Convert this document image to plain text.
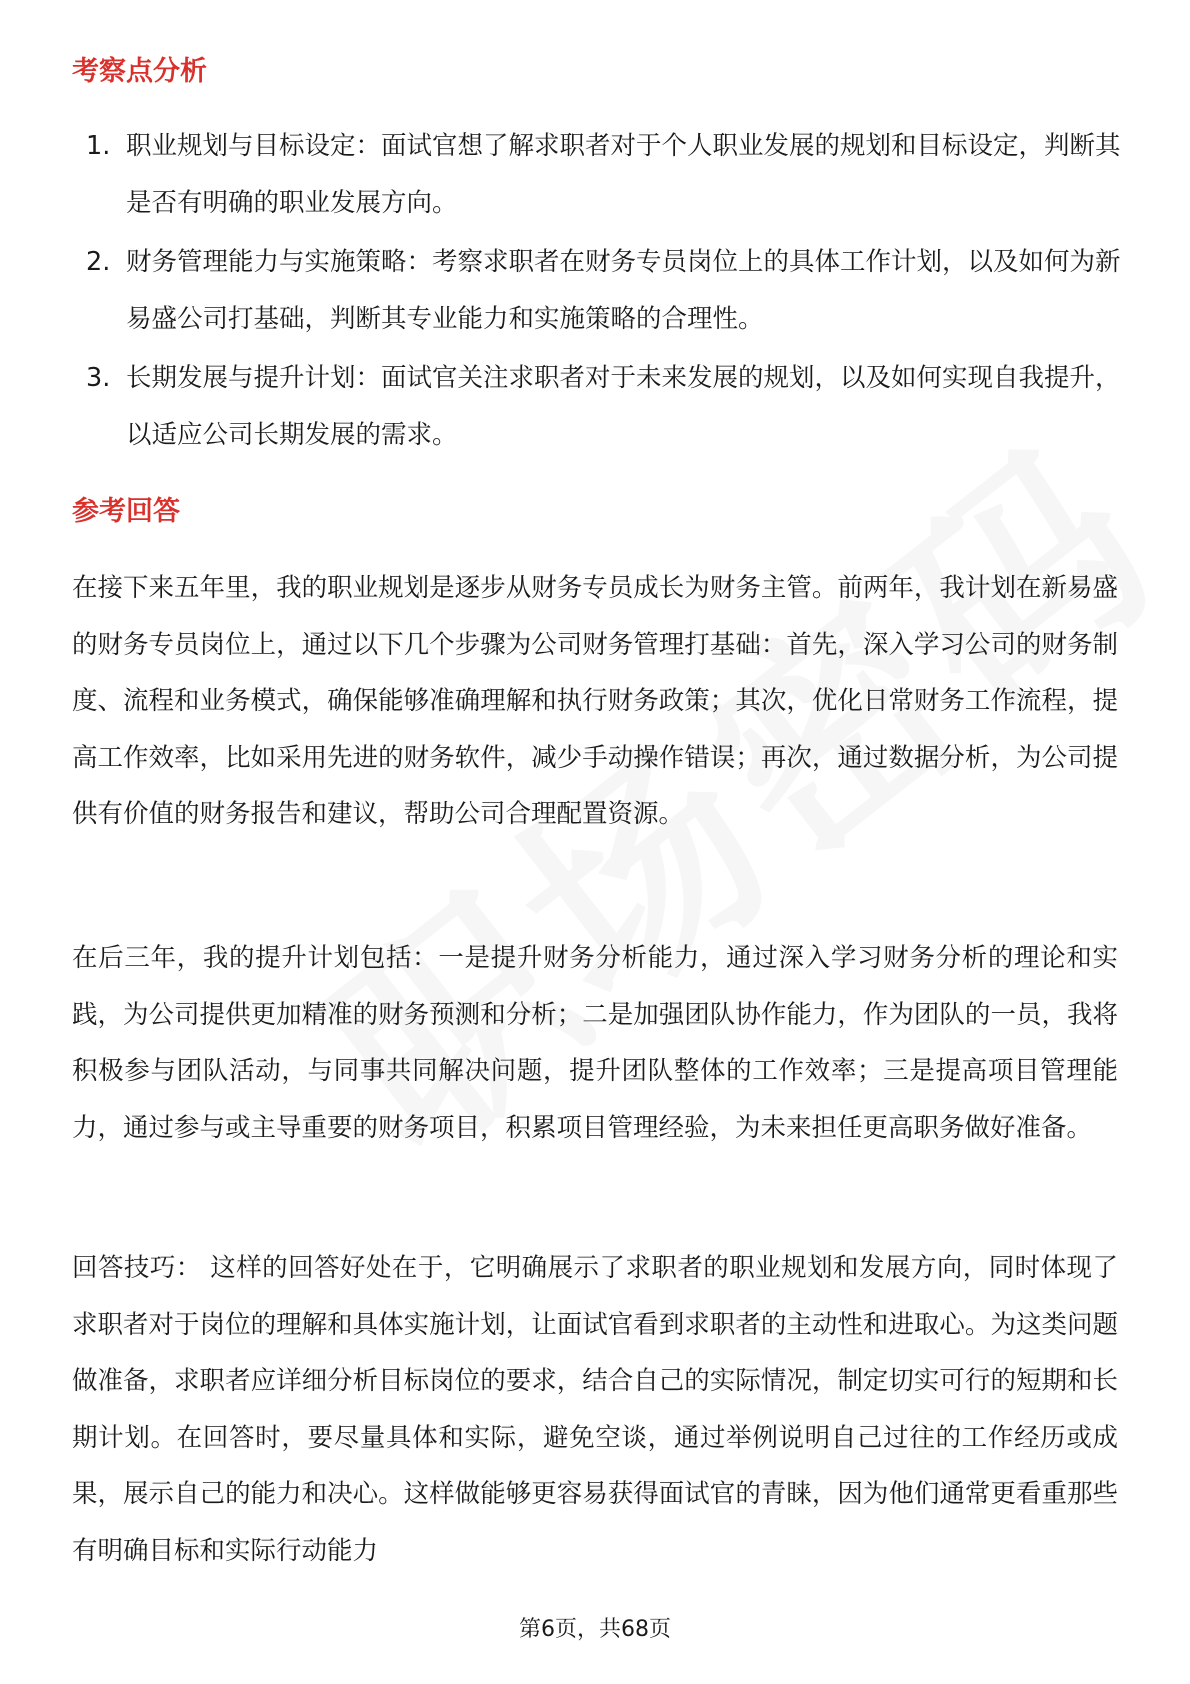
考察点分析
1. 职业规划与目标设定：面试官想了解求职者对于个人职业发展的规划和目标设定，判断其是否有明确的职业发展方向。
2. 财务管理能力与实施策略：考察求职者在财务专员岗位上的具体工作计划，以及如何为新易盛公司打基础，判断其专业能力和实施策略的合理性。
3. 长期发展与提升计划：面试官关注求职者对于未来发展的规划，以及如何实现自我提升，以适应公司长期发展的需求。
参考回答

在接下来五年里，我的职业规划是逐步从财务专员成长为财务主管。前两年，我计划在新易盛的财务专员岗位上，通过以下几个步骤为公司财务管理打基础：首先，深入学习公司的财务制度、流程和业务模式，确保能够准确理解和执行财务政策；其次，优化日常财务工作流程，提高工作效率，比如采用先进的财务软件，减少手动操作错误；再次，通过数据分析，为公司提供有价值的财务报告和建议，帮助公司合理配置资源。

在后三年，我的提升计划包括：一是提升财务分析能力，通过深入学习财务分析的理论和实践，为公司提供更加精准的财务预测和分析；二是加强团队协作能力，作为团队的一员，我将积极参与团队活动，与同事共同解决问题，提升团队整体的工作效率；三是提高项目管理能力，通过参与或主导重要的财务项目，积累项目管理经验，为未来担任更高职务做好准备。

回答技巧： 这样的回答好处在于，它明确展示了求职者的职业规划和发展方向，同时体现了求职者对于岗位的理解和具体实施计划，让面试官看到求职者的主动性和进取心。为这类问题做准备，求职者应详细分析目标岗位的要求，结合自己的实际情况，制定切实可行的短期和长期计划。在回答时，要尽量具体和实际，避免空谈，通过举例说明自己过往的工作经历或成果，展示自己的能力和决心。这样做能够更容易获得面试官的青睐，因为他们通常更看重那些有明确目标和实际行动能力

第6页，共68页
